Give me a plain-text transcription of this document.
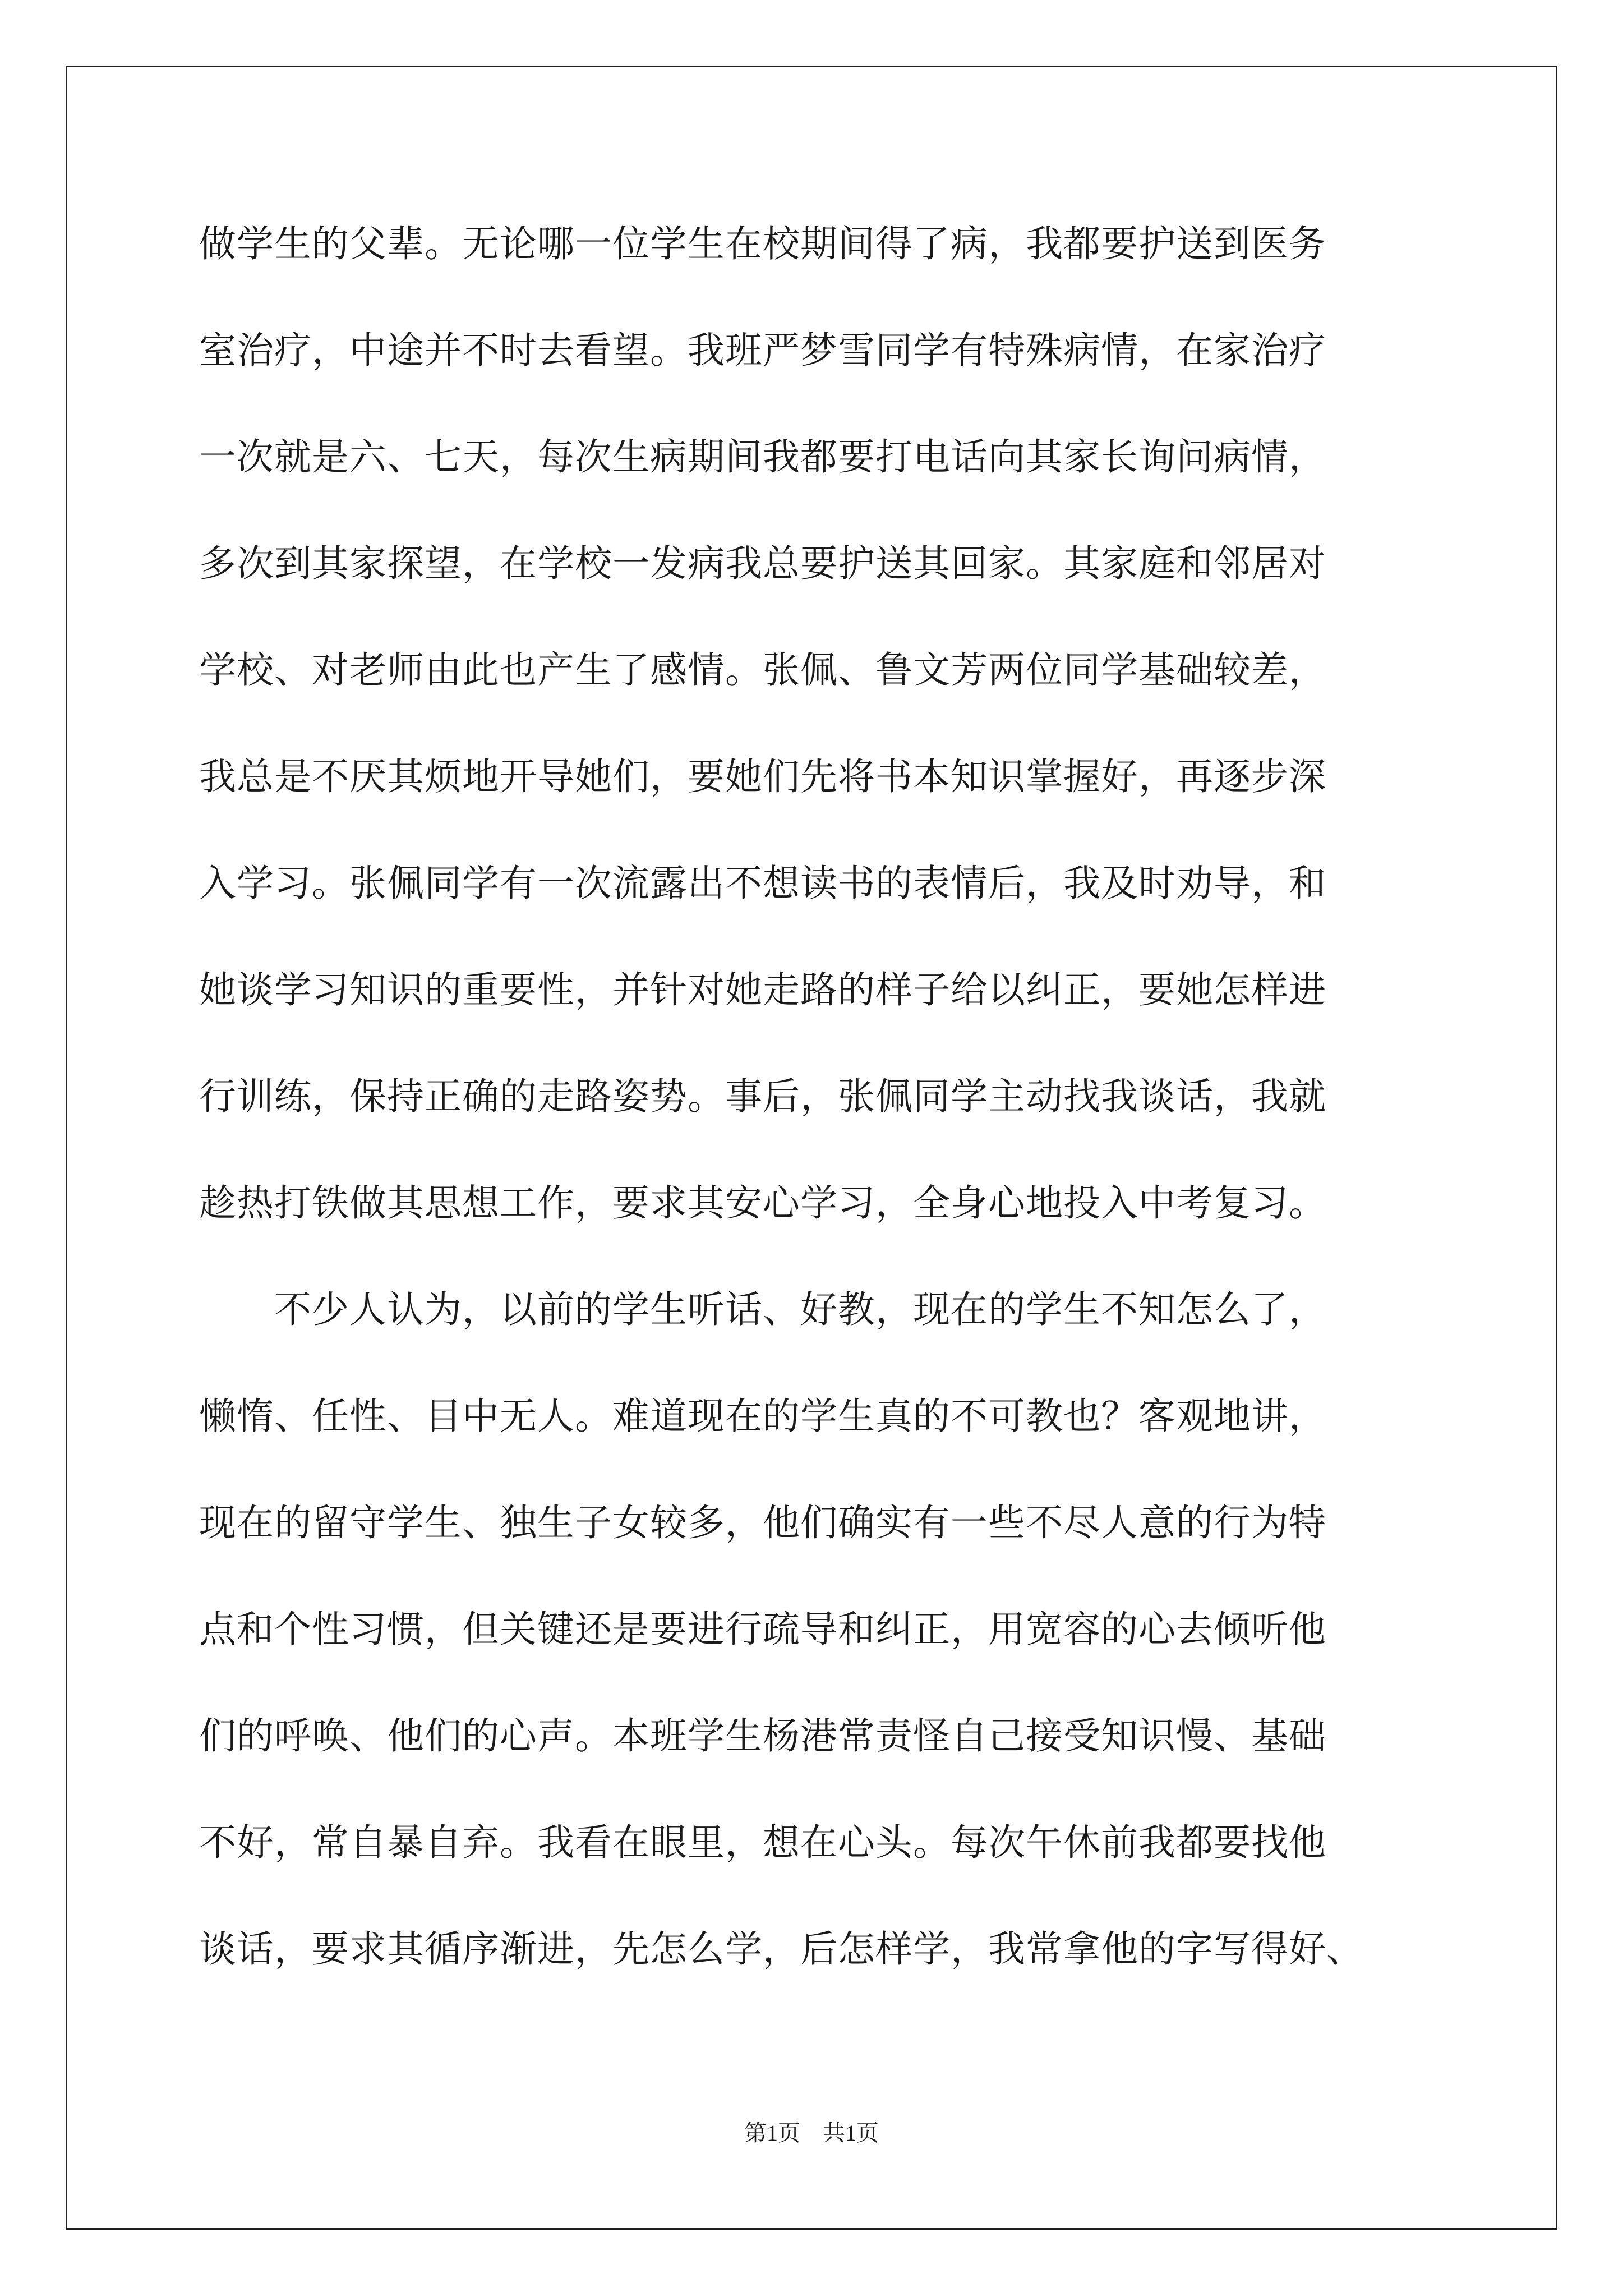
做学生的父辈。无论哪一位学生在校期间得了病，我都要护送到医务
室治疗，中途并不时去看望。我班严梦雪同学有特殊病情，在家治疗
一次就是六、七天，每次生病期间我都要打电话向其家长询问病情，
多次到其家探望，在学校一发病我总要护送其回家。其家庭和邻居对
学校、对老师由此也产生了感情。张佩、鲁文芳两位同学基础较差，
我总是不厌其烦地开导她们，要她们先将书本知识掌握好，再逐步深
入学习。张佩同学有一次流露出不想读书的表情后，我及时劝导，和
她谈学习知识的重要性，并针对她走路的样子给以纠正，要她怎样进
行训练，保持正确的走路姿势。事后，张佩同学主动找我谈话，我就
趁热打铁做其思想工作，要求其安心学习，全身心地投入中考复习。
　　不少人认为，以前的学生听话、好教，现在的学生不知怎么了，
懒惰、任性、目中无人。难道现在的学生真的不可教也？客观地讲，
现在的留守学生、独生子女较多，他们确实有一些不尽人意的行为特
点和个性习惯，但关键还是要进行疏导和纠正，用宽容的心去倾听他
们的呼唤、他们的心声。本班学生杨港常责怪自己接受知识慢、基础
不好，常自暴自弃。我看在眼里，想在心头。每次午休前我都要找他
谈话，要求其循序渐进，先怎么学，后怎样学，我常拿他的字写得好、
第1页　共1页
